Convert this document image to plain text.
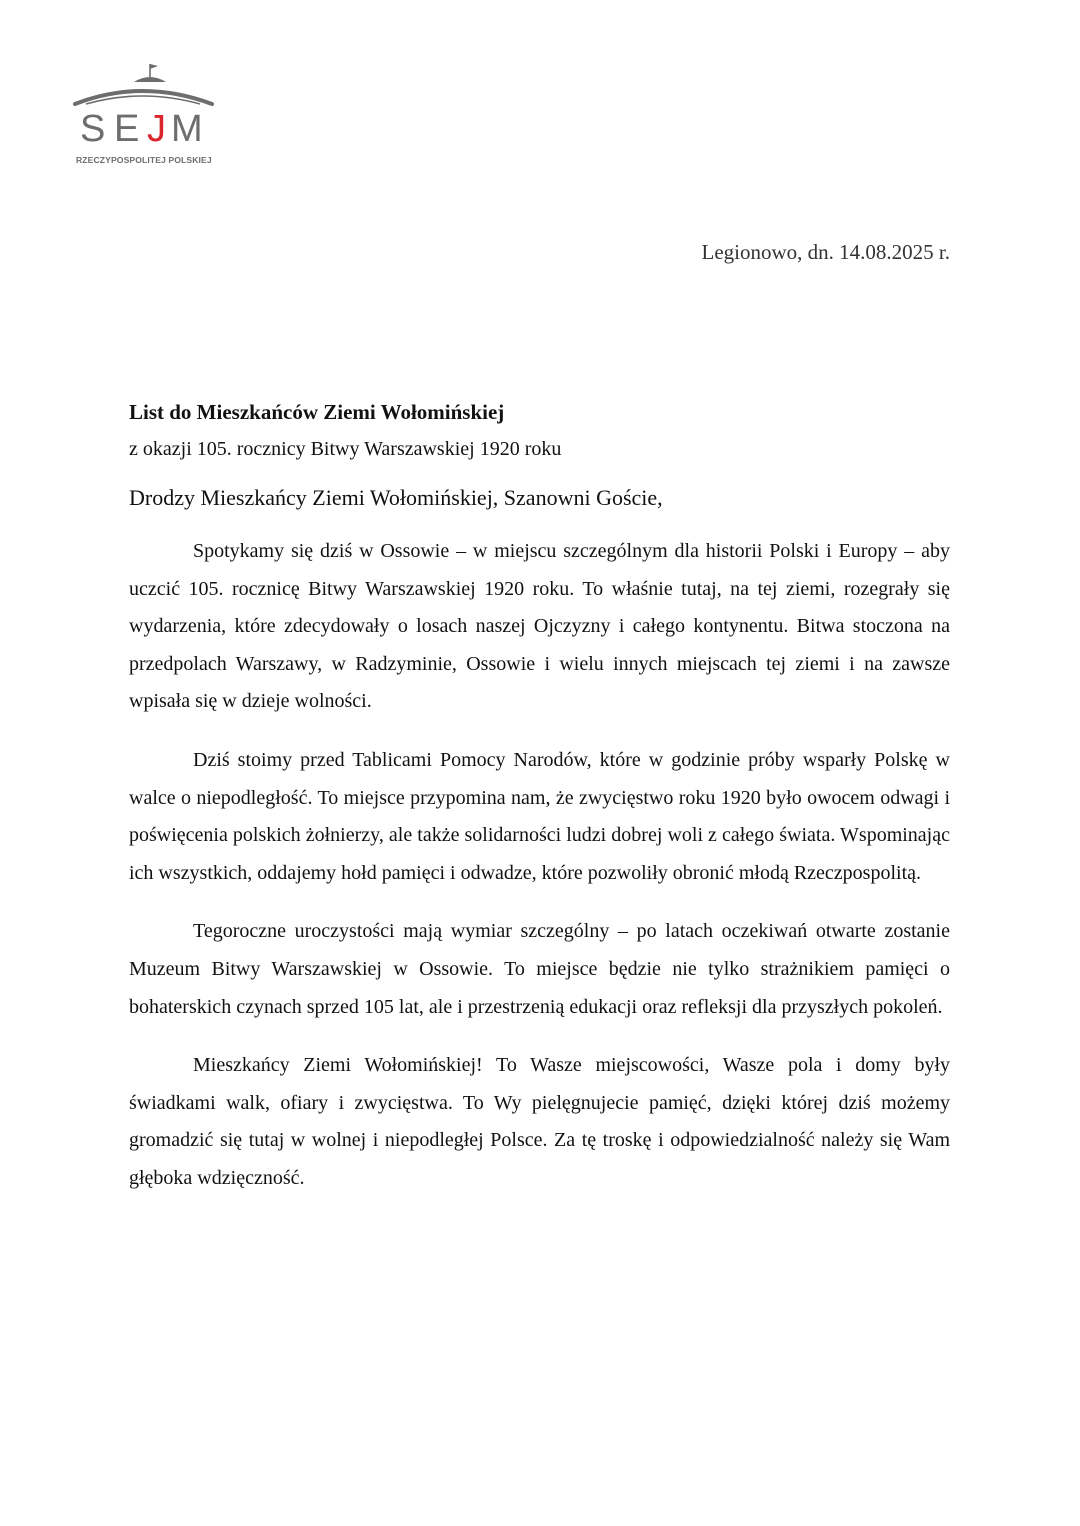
S E J M
RZECZYPOSPOLITEJ POLSKIEJ
Legionowo, dn. 14.08.2025 r.

List do Mieszkańców Ziemi Wołomińskiej

z okazji 105. rocznicy Bitwy Warszawskiej 1920 roku

Drodzy Mieszkańcy Ziemi Wołomińskiej, Szanowni Goście,

Spotykamy się dziś w Ossowie – w miejscu szczególnym dla historii Polski i Europy – aby uczcić 105. rocznicę Bitwy Warszawskiej 1920 roku. To właśnie tutaj, na tej ziemi, rozegrały się wydarzenia, które zdecydowały o losach naszej Ojczyzny i całego kontynentu. Bitwa stoczona na przedpolach Warszawy, w Radzyminie, Ossowie i wielu innych miejscach tej ziemi i na zawsze wpisała się w dzieje wolności.

Dziś stoimy przed Tablicami Pomocy Narodów, które w godzinie próby wsparły Polskę w walce o niepodległość. To miejsce przypomina nam, że zwycięstwo roku 1920 było owocem odwagi i poświęcenia polskich żołnierzy, ale także solidarności ludzi dobrej woli z całego świata. Wspominając ich wszystkich, oddajemy hołd pamięci i odwadze, które pozwoliły obronić młodą Rzeczpospolitą.

Tegoroczne uroczystości mają wymiar szczególny – po latach oczekiwań otwarte zostanie Muzeum Bitwy Warszawskiej w Ossowie. To miejsce będzie nie tylko strażnikiem pamięci o bohaterskich czynach sprzed 105 lat, ale i przestrzenią edukacji oraz refleksji dla przyszłych pokoleń.

Mieszkańcy Ziemi Wołomińskiej! To Wasze miejscowości, Wasze pola i domy były świadkami walk, ofiary i zwycięstwa. To Wy pielęgnujecie pamięć, dzięki której dziś możemy gromadzić się tutaj w wolnej i niepodległej Polsce. Za tę troskę i odpowiedzialność należy się Wam głęboka wdzięczność.
